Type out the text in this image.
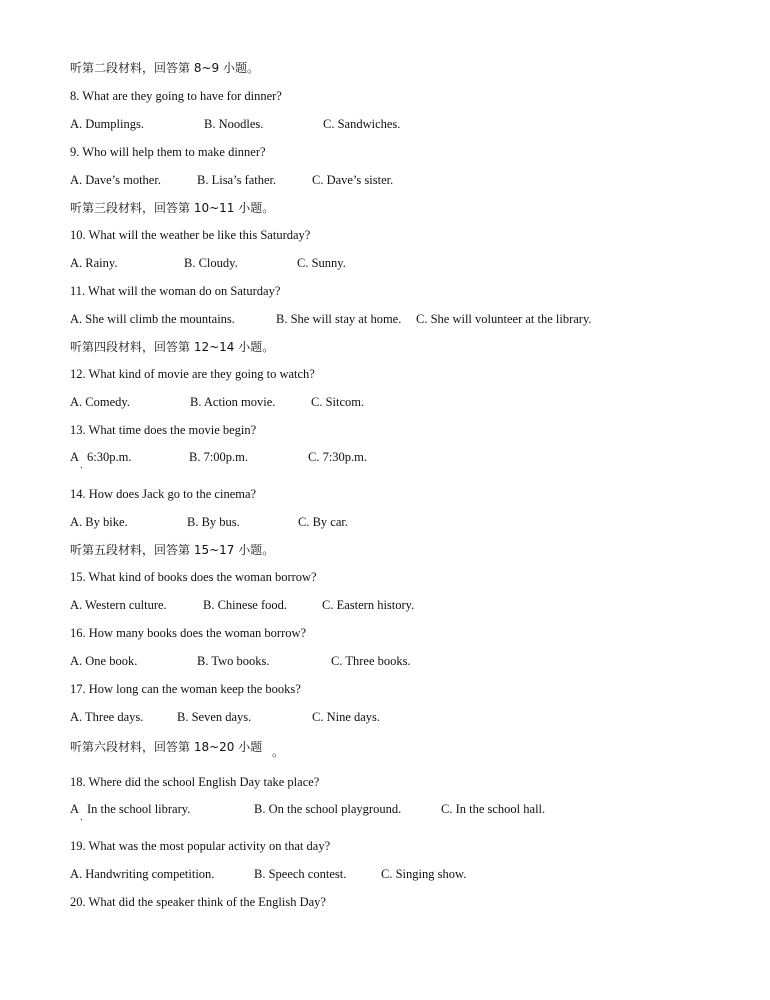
听第二段材料，回答第 8~9 小题。
8. What are they going to have for dinner?
A. Dumplings.	B. Noodles.	C. Sandwiches.
9. Who will help them to make dinner?
A. Dave’s mother.	B. Lisa’s father.	C. Dave’s sister.
听第三段材料，回答第 10~11 小题。
10. What will the weather be like this Saturday?
A. Rainy.	B. Cloudy.	C. Sunny.
11. What will the woman do on Saturday?
A. She will climb the mountains.	B. She will stay at home. C. She will volunteer at the library.
听第四段材料，回答第 12~14 小题。
12. What kind of movie are they going to watch?
A. Comedy.	B. Action movie.	C. Sitcom.
13. What time does the movie begin?
A
.
6:30p.m.	B. 7:00p.m.	C. 7:30p.m.
14. How does Jack go to the cinema?
A. By bike.	B. By bus.	C. By car.
听第五段材料，回答第 15~17 小题。
15. What kind of books does the woman borrow?
A. Western culture.	B. Chinese food.	C. Eastern history.
16. How many books does the woman borrow?
A. One book.	B. Two books.	C. Three books.
17. How long can the woman keep the books?
A. Three days.	B. Seven days.	C. Nine days.
听第六段材料，回答第 18~20 小题 。
18. Where did the school English Day take place?
A
.
In the school library.	B. On the school playground.	C. In the school hall.
19. What was the most popular activity on that day?
A. Handwriting competition.	B. Speech contest.	C. Singing show.
20. What did the speaker think of the English Day?
